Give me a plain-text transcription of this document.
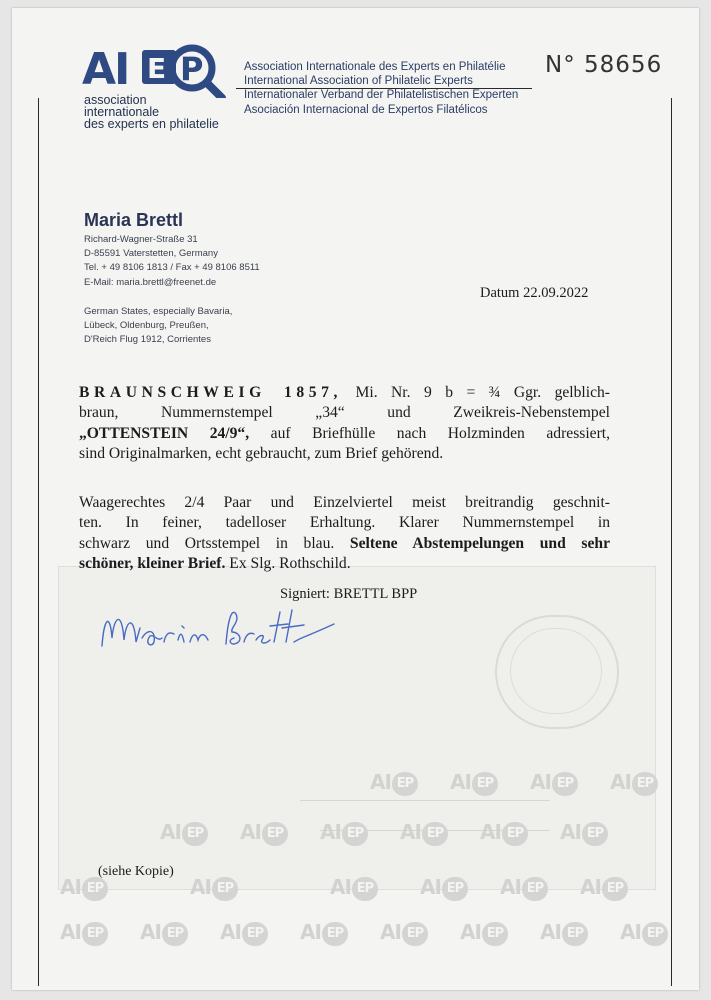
AI EP AI EP AI EP AI EP
AI EP AI EP AI EP AI EP AI EP AI EP
AI EP	AI EP	AI EP AI EP AI EP AI EP
AI EP AI EP AI EP AI EP AI EP AI EP AI EP AI EP
AI E P
association
internationale
des experts en philatelie
Association Internationale des Experts en Philatélie
International Association of Philatelic Experts
Internationaler Verband der Philatelistischen Experten
Asociación Internacional de Expertos Filatélicos
N° 58656
Maria Brettl
Richard-Wagner-Straße 31
D-85591 Vaterstetten, Germany
Tel. + 49 8106 1813 / Fax + 49 8106 8511
E-Mail: maria.brettl@freenet.de
German States, especially Bavaria,
Lübeck, Oldenburg, Preußen,
D'Reich Flug 1912, Corrientes
Datum 22.09.2022
BRAUNSCHWEIG 1857, Mi. Nr. 9 b = ¾ Ggr. gelblich-
braun, Nummernstempel „34“ und Zweikreis-Nebenstempel
„OTTENSTEIN 24/9“, auf Briefhülle nach Holzminden adressiert,
sind Originalmarken, echt gebraucht, zum Brief gehörend.
Waagerechtes 2/4 Paar und Einzelviertel meist breitrandig geschnit-
ten. In feiner, tadelloser Erhaltung. Klarer Nummernstempel in
schwarz und Ortsstempel in blau. Seltene Abstempelungen und sehr
schöner, kleiner Brief. Ex Slg. Rothschild.
Signiert: BRETTL BPP
(siehe Kopie)
